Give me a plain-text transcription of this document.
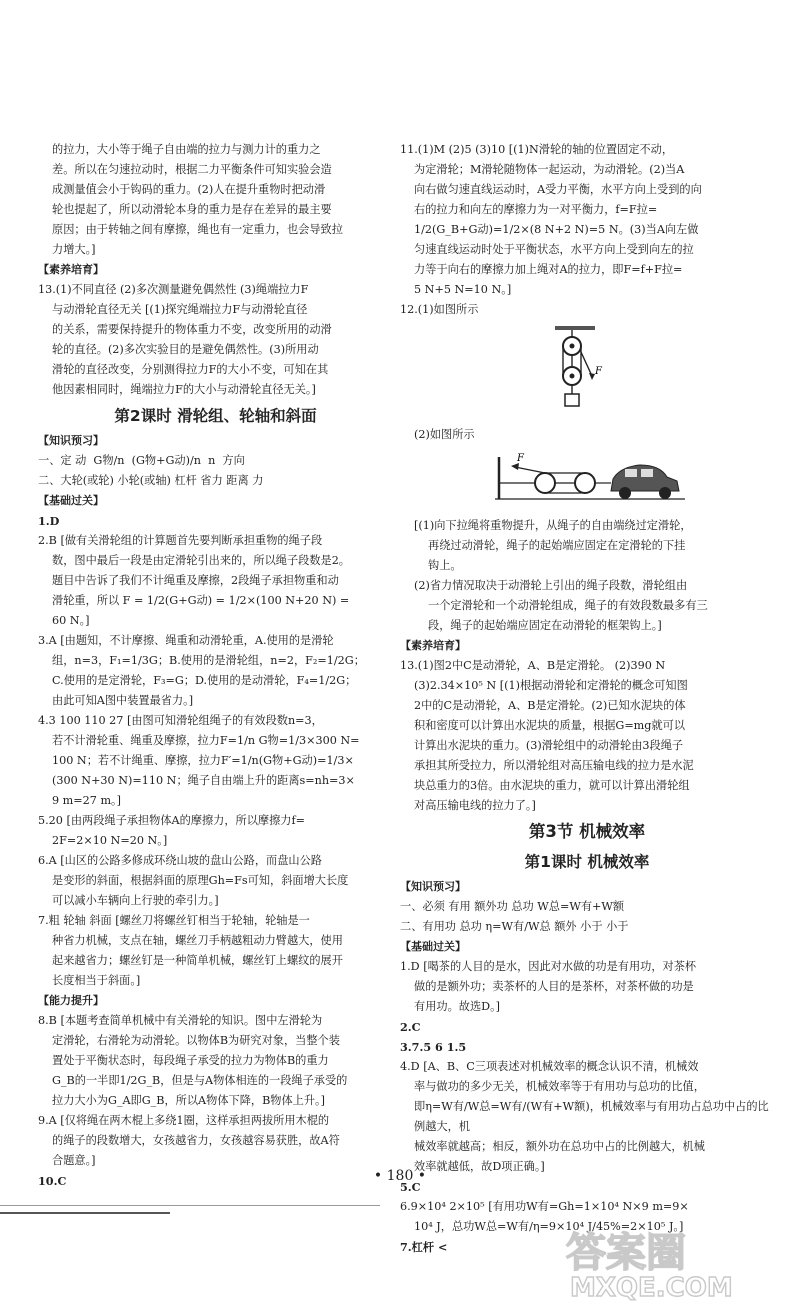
的拉力，大小等于绳子自由端的拉力与测力计的重力之

差。所以在匀速拉动时，根据二力平衡条件可知实验会造

成测量值会小于钩码的重力。(2)人在提升重物时把动滑

轮也提起了，所以动滑轮本身的重力是存在差异的最主要

原因；由于转轴之间有摩擦，绳也有一定重力，也会导致拉

力增大。]

【素养培育】

13.(1)不同直径 (2)多次测量避免偶然性 (3)绳端拉力F

与动滑轮直径无关 [(1)探究绳端拉力F与动滑轮直径

的关系，需要保持提升的物体重力不变，改变所用的动滑

轮的直径。(2)多次实验目的是避免偶然性。(3)所用动

滑轮的直径改变，分别测得拉力F的大小不变，可知在其

他因素相同时，绳端拉力F的大小与动滑轮直径无关。]

第2课时 滑轮组、轮轴和斜面
【知识预习】

一、定 动  G物/n  (G物+G动)/n  n  方向

二、大轮(或轮) 小轮(或轴) 杠杆 省力 距离 力

【基础过关】

1.D

2.B [做有关滑轮组的计算题首先要判断承担重物的绳子段

数，图中最后一段是由定滑轮引出来的，所以绳子段数是2。

题目中告诉了我们不计绳重及摩擦，2段绳子承担物重和动

滑轮重，所以 F = 1/2(G+G动) = 1/2×(100 N+20 N) =

60 N。]

3.A [由题知，不计摩擦、绳重和动滑轮重，A.使用的是滑轮

组，n=3，F₁=1/3G；B.使用的是滑轮组，n=2，F₂=1/2G；

C.使用的是定滑轮，F₃=G；D.使用的是动滑轮，F₄=1/2G；

由此可知A图中装置最省力。]

4.3 100 110 27 [由图可知滑轮组绳子的有效段数n=3，

若不计滑轮重、绳重及摩擦，拉力F=1/n G物=1/3×300 N=

100 N；若不计绳重、摩擦，拉力F′=1/n(G物+G动)=1/3×

(300 N+30 N)=110 N；绳子自由端上升的距离s=nh=3×

9 m=27 m。]

5.20 [由两段绳子承担物体A的摩擦力，所以摩擦力f=

2F=2×10 N=20 N。]

6.A [山区的公路多修成环绕山坡的盘山公路，而盘山公路

是变形的斜面，根据斜面的原理Gh=Fs可知，斜面增大长度

可以减小车辆向上行驶的牵引力。]

7.粗 轮轴 斜面 [螺丝刀将螺丝钉相当于轮轴，轮轴是一

种省力机械，支点在轴，螺丝刀手柄越粗动力臂越大，使用

起来越省力；螺丝钉是一种简单机械，螺丝钉上螺纹的展开

长度相当于斜面。]

【能力提升】

8.B [本题考查简单机械中有关滑轮的知识。图中左滑轮为

定滑轮，右滑轮为动滑轮。以物体B为研究对象，当整个装

置处于平衡状态时，每段绳子承受的拉力为物体B的重力

G_B的一半即1/2G_B，但是与A物体相连的一段绳子承受的

拉力大小为G_A即G_B，所以A物体下降，B物体上升。]

9.A [仅将绳在两木棍上多绕1圈，这样承担两拔所用木棍的

的绳子的段数增大，女孩越省力，女孩越容易获胜，故A符

合题意。]

10.C

11.(1)M (2)5 (3)10 [(1)N滑轮的轴的位置固定不动，

为定滑轮；M滑轮随物体一起运动，为动滑轮。(2)当A

向右做匀速直线运动时，A受力平衡，水平方向上受到的向

右的拉力和向左的摩擦力为一对平衡力，f=F拉=

1/2(G_B+G动)=1/2×(8 N+2 N)=5 N。(3)当A向左做

匀速直线运动时处于平衡状态，水平方向上受到向左的拉

力等于向右的摩擦力加上绳对A的拉力，即F=f+F拉=

5 N+5 N=10 N。]

12.(1)如图所示

F

(2)如图所示

F

[(1)向下拉绳将重物提升，从绳子的自由端绕过定滑轮，

再绕过动滑轮，绳子的起始端应固定在定滑轮的下挂

钩上。

(2)省力情况取决于动滑轮上引出的绳子段数，滑轮组由

一个定滑轮和一个动滑轮组成，绳子的有效段数最多有三

段，绳子的起始端应固定在动滑轮的框架钩上。]

【素养培育】

13.(1)图2中C是动滑轮，A、B是定滑轮。 (2)390 N

(3)2.34×10⁵ N [(1)根据动滑轮和定滑轮的概念可知图

2中的C是动滑轮，A、B是定滑轮。(2)已知水泥块的体

积和密度可以计算出水泥块的质量，根据G=mg就可以

计算出水泥块的重力。(3)滑轮组中的动滑轮由3段绳子

承担其所受拉力，所以滑轮组对高压输电线的拉力是水泥

块总重力的3倍。由水泥块的重力，就可以计算出滑轮组

对高压输电线的拉力了。]

第3节 机械效率
第1课时 机械效率
【知识预习】

一、必须 有用 额外功 总功 W总=W有+W额

二、有用功 总功 η=W有/W总 额外 小于 小于

【基础过关】

1.D [喝茶的人目的是水，因此对水做的功是有用功，对茶杯

做的是额外功；卖茶杯的人目的是茶杯，对茶杯做的功是

有用功。故选D。]

2.C

3.7.5 6 1.5

4.D [A、B、C三项表述对机械效率的概念认识不清，机械效

率与做功的多少无关，机械效率等于有用功与总功的比值，

即η=W有/W总=W有/(W有+W额)，机械效率与有用功占总功中占的比例越大，机

械效率就越高；相反，额外功在总功中占的比例越大，机械

效率就越低，故D项正确。]

5.C

6.9×10⁴ 2×10⁵ [有用功W有=Gh=1×10⁴ N×9 m=9×

10⁴ J，总功W总=W有/η=9×10⁴ J/45%=2×10⁵ J。]

7.杠杆 <

• 180 •
答案圈
MXQE.COM
